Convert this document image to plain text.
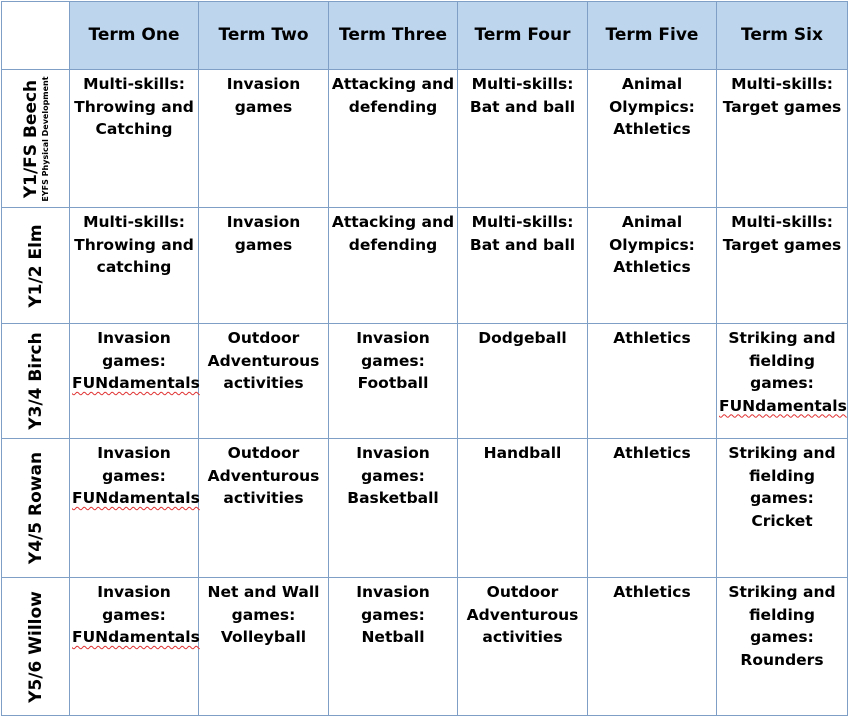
	Term One	Term Two	Term Three	Term Four	Term Five	Term Six

Y1/FS Beech EYFS Physical Development	Multi-skills:
Throwing and
Catching	Invasion games	Attacking and
defending	Multi-skills:
Bat and ball	Animal
Olympics:
Athletics	Multi-skills:
Target games

Y1/2 Elm	Multi-skills:
Throwing and
catching	Invasion games	Attacking and
defending	Multi-skills:
Bat and ball	Animal
Olympics:
Athletics	Multi-skills:
Target games

Y3/4 Birch	Invasion games:
FUNdamentals	Outdoor
Adventurous
activities	Invasion games:
Football	Dodgeball	Athletics	Striking and
fielding games:
FUNdamentals

Y4/5 Rowan	Invasion games:
FUNdamentals	Outdoor
Adventurous
activities	Invasion games:
Basketball	Handball	Athletics	Striking and
fielding games:
Cricket

Y5/6 Willow	Invasion games:
FUNdamentals	Net and Wall
games:
Volleyball	Invasion games:
Netball	Outdoor
Adventurous
activities	Athletics	Striking and
fielding games:
Rounders
